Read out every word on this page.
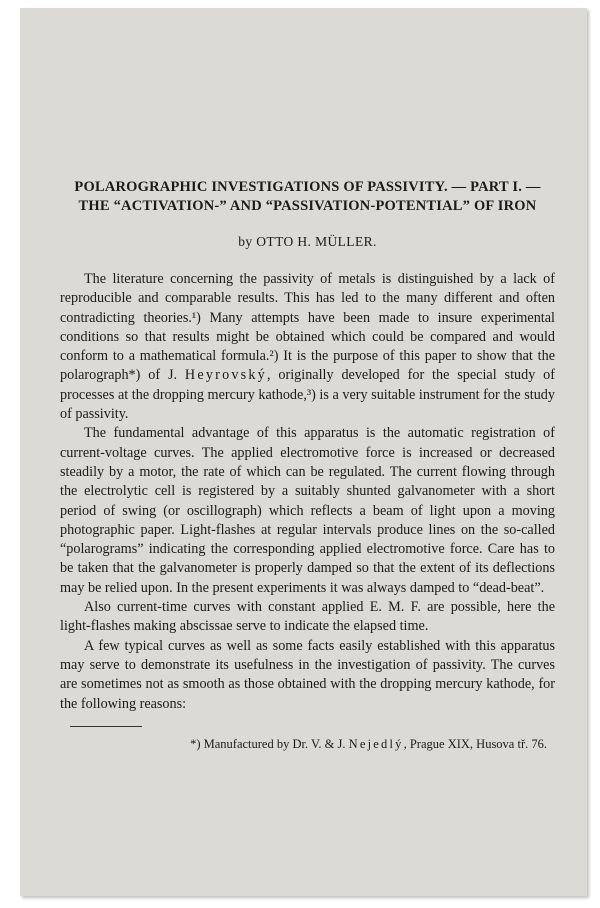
POLAROGRAPHIC INVESTIGATIONS OF PASSIVITY. — PART I. —
THE “ACTIVATION-” AND “PASSIVATION-POTENTIAL” OF IRON

by OTTO H. MÜLLER.

The literature concerning the passivity of metals is distinguished by a lack of reproducible and comparable results. This has led to the many different and often contradicting theories.¹) Many attempts have been made to insure experimental conditions so that results might be obtained which could be compared and would conform to a mathematical formula.²) It is the purpose of this paper to show that the polarograph*) of J. Heyrovský, originally developed for the special study of processes at the dropping mercury kathode,³) is a very suitable instrument for the study of passivity.

The fundamental advantage of this apparatus is the automatic registration of current-voltage curves. The applied electromotive force is increased or decreased steadily by a motor, the rate of which can be regulated. The current flowing through the electrolytic cell is registered by a suitably shunted galvanometer with a short period of swing (or oscillograph) which reflects a beam of light upon a moving photographic paper. Light-flashes at regular intervals produce lines on the so-called “polarograms” indicating the corresponding applied electromotive force. Care has to be taken that the galvanometer is properly damped so that the extent of its deflections may be relied upon. In the present experiments it was always damped to “dead-beat”.

Also current-time curves with constant applied E. M. F. are possible, here the light-flashes making abscissae serve to indicate the elapsed time.

A few typical curves as well as some facts easily established with this apparatus may serve to demonstrate its usefulness in the investigation of passivity. The curves are sometimes not as smooth as those obtained with the dropping mercury kathode, for the following reasons:

*) Manufactured by Dr. V. & J. Nejedlý, Prague XIX, Husova tř. 76.
